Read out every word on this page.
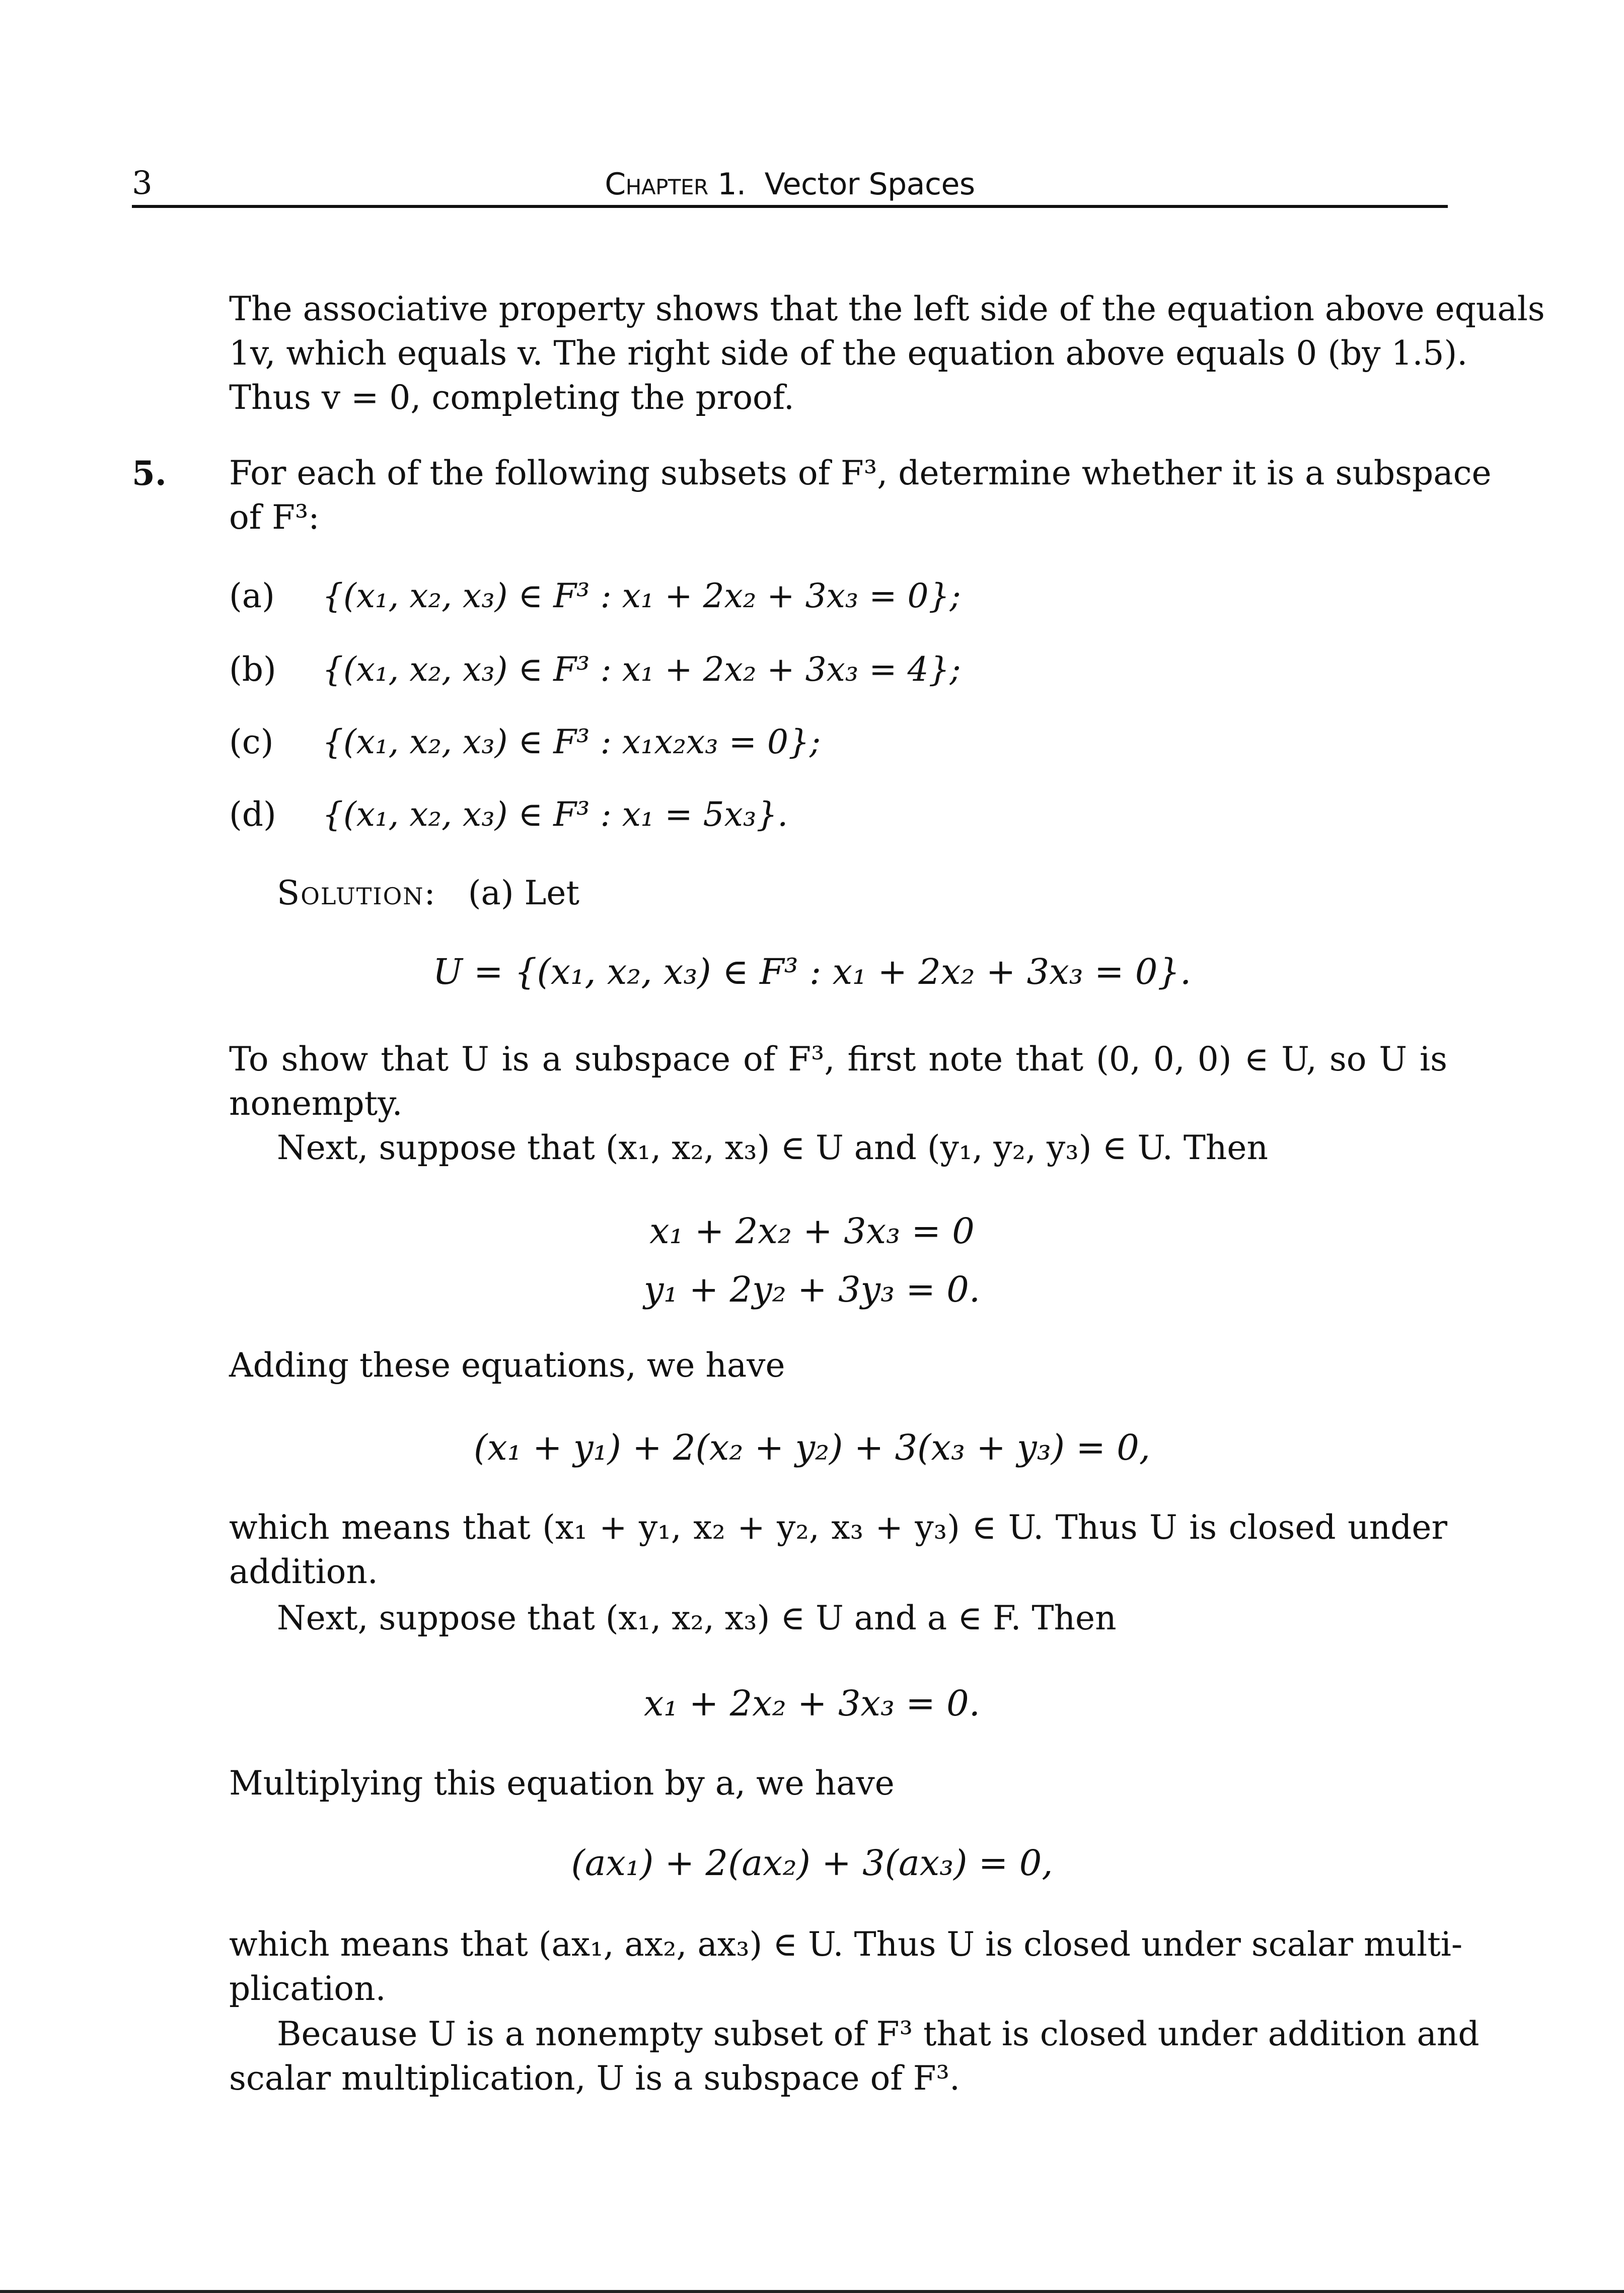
3	Chapter 1. Vector Spaces
The associative property shows that the left side of the equation above equals
1v, which equals v. The right side of the equation above equals 0 (by 1.5).
Thus v = 0, completing the proof.
5. For each of the following subsets of F³, determine whether it is a subspace
of F³:
(a) {(x₁, x₂, x₃) ∈ F³ : x₁ + 2x₂ + 3x₃ = 0};
(b) {(x₁, x₂, x₃) ∈ F³ : x₁ + 2x₂ + 3x₃ = 4};
(c) {(x₁, x₂, x₃) ∈ F³ : x₁x₂x₃ = 0};
(d) {(x₁, x₂, x₃) ∈ F³ : x₁ = 5x₃}.
Solution: (a) Let
U = {(x₁, x₂, x₃) ∈ F³ : x₁ + 2x₂ + 3x₃ = 0}.
To show that U is a subspace of F³, first note that (0, 0, 0) ∈ U, so U is
nonempty.
Next, suppose that (x₁, x₂, x₃) ∈ U and (y₁, y₂, y₃) ∈ U. Then
x₁ + 2x₂ + 3x₃ = 0
y₁ + 2y₂ + 3y₃ = 0.
Adding these equations, we have
(x₁ + y₁) + 2(x₂ + y₂) + 3(x₃ + y₃) = 0,
which means that (x₁ + y₁, x₂ + y₂, x₃ + y₃) ∈ U. Thus U is closed under
addition.
Next, suppose that (x₁, x₂, x₃) ∈ U and a ∈ F. Then
x₁ + 2x₂ + 3x₃ = 0.
Multiplying this equation by a, we have
(ax₁) + 2(ax₂) + 3(ax₃) = 0,
which means that (ax₁, ax₂, ax₃) ∈ U. Thus U is closed under scalar multi-
plication.
Because U is a nonempty subset of F³ that is closed under addition and
scalar multiplication, U is a subspace of F³.
